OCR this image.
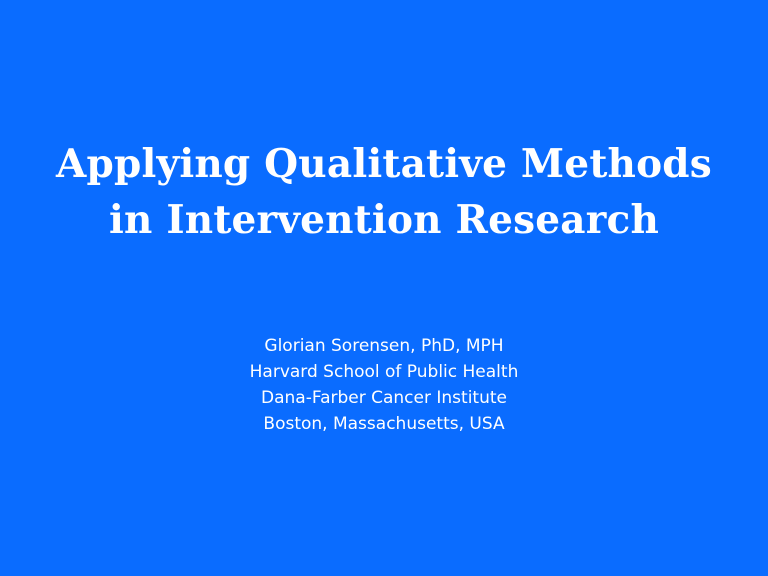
Applying Qualitative Methods
in Intervention Research
Glorian Sorensen, PhD, MPH
Harvard School of Public Health
Dana-Farber Cancer Institute
Boston, Massachusetts, USA
